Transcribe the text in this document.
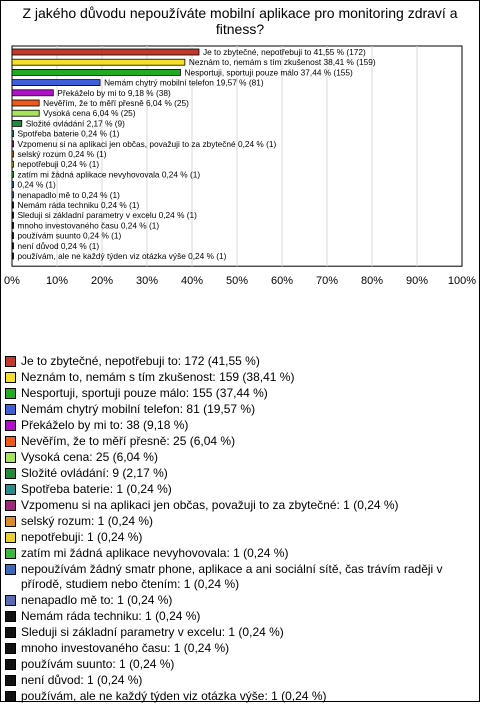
Z jakého důvodu nepoužíváte mobilní aplikace pro monitoring zdraví a fitness?
0% 10% 20% 30% 40% 50% 60% 70% 80% 90% 100%
Je to zbytečné, nepotřebuji to 41,55 % (172)
Neznám to, nemám s tím zkušenost 38,41 % (159)
Nesportuji, sportuji pouze málo 37,44 % (155)
Nemám chytrý mobilní telefon 19,57 % (81)
Překáželo by mi to 9,18 % (38)
Nevěřím, že to měří přesně 6,04 % (25)
Vysoká cena 6,04 % (25)
Složité ovládání 2,17 % (9)
Spotřeba baterie 0,24 % (1)
Vzpomenu si na aplikaci jen občas, považuji to za zbytečné 0,24 % (1)
selský rozum 0,24 % (1)
nepotřebuji 0,24 % (1)
zatím mi žádná aplikace nevyhovovala 0,24 % (1)
0,24 % (1)
nenapadlo mě to 0,24 % (1)
Nemám ráda techniku 0,24 % (1)
Sleduji si základní parametry v excelu 0,24 % (1)
mnoho investovaného času 0,24 % (1)
používám suunto 0,24 % (1)
není důvod 0,24 % (1)
používám, ale ne každý týden viz otázka výše 0,24 % (1)
Je to zbytečné, nepotřebuji to: 172 (41,55 %)
Neznám to, nemám s tím zkušenost: 159 (38,41 %)
Nesportuji, sportuji pouze málo: 155 (37,44 %)
Nemám chytrý mobilní telefon: 81 (19,57 %)
Překáželo by mi to: 38 (9,18 %)
Nevěřím, že to měří přesně: 25 (6,04 %)
Vysoká cena: 25 (6,04 %)
Složité ovládání: 9 (2,17 %)
Spotřeba baterie: 1 (0,24 %)
Vzpomenu si na aplikaci jen občas, považuji to za zbytečné: 1 (0,24 %)
selský rozum: 1 (0,24 %)
nepotřebuji: 1 (0,24 %)
zatím mi žádná aplikace nevyhovovala: 1 (0,24 %)
nepoužívám žádný smatr phone, aplikace a ani sociální sítě, čas trávím raději v přírodě, studiem nebo čtením: 1 (0,24 %)
nenapadlo mě to: 1 (0,24 %)
Nemám ráda techniku: 1 (0,24 %)
Sleduji si základní parametry v excelu: 1 (0,24 %)
mnoho investovaného času: 1 (0,24 %)
používám suunto: 1 (0,24 %)
není důvod: 1 (0,24 %)
používám, ale ne každý týden viz otázka výše: 1 (0,24 %)
